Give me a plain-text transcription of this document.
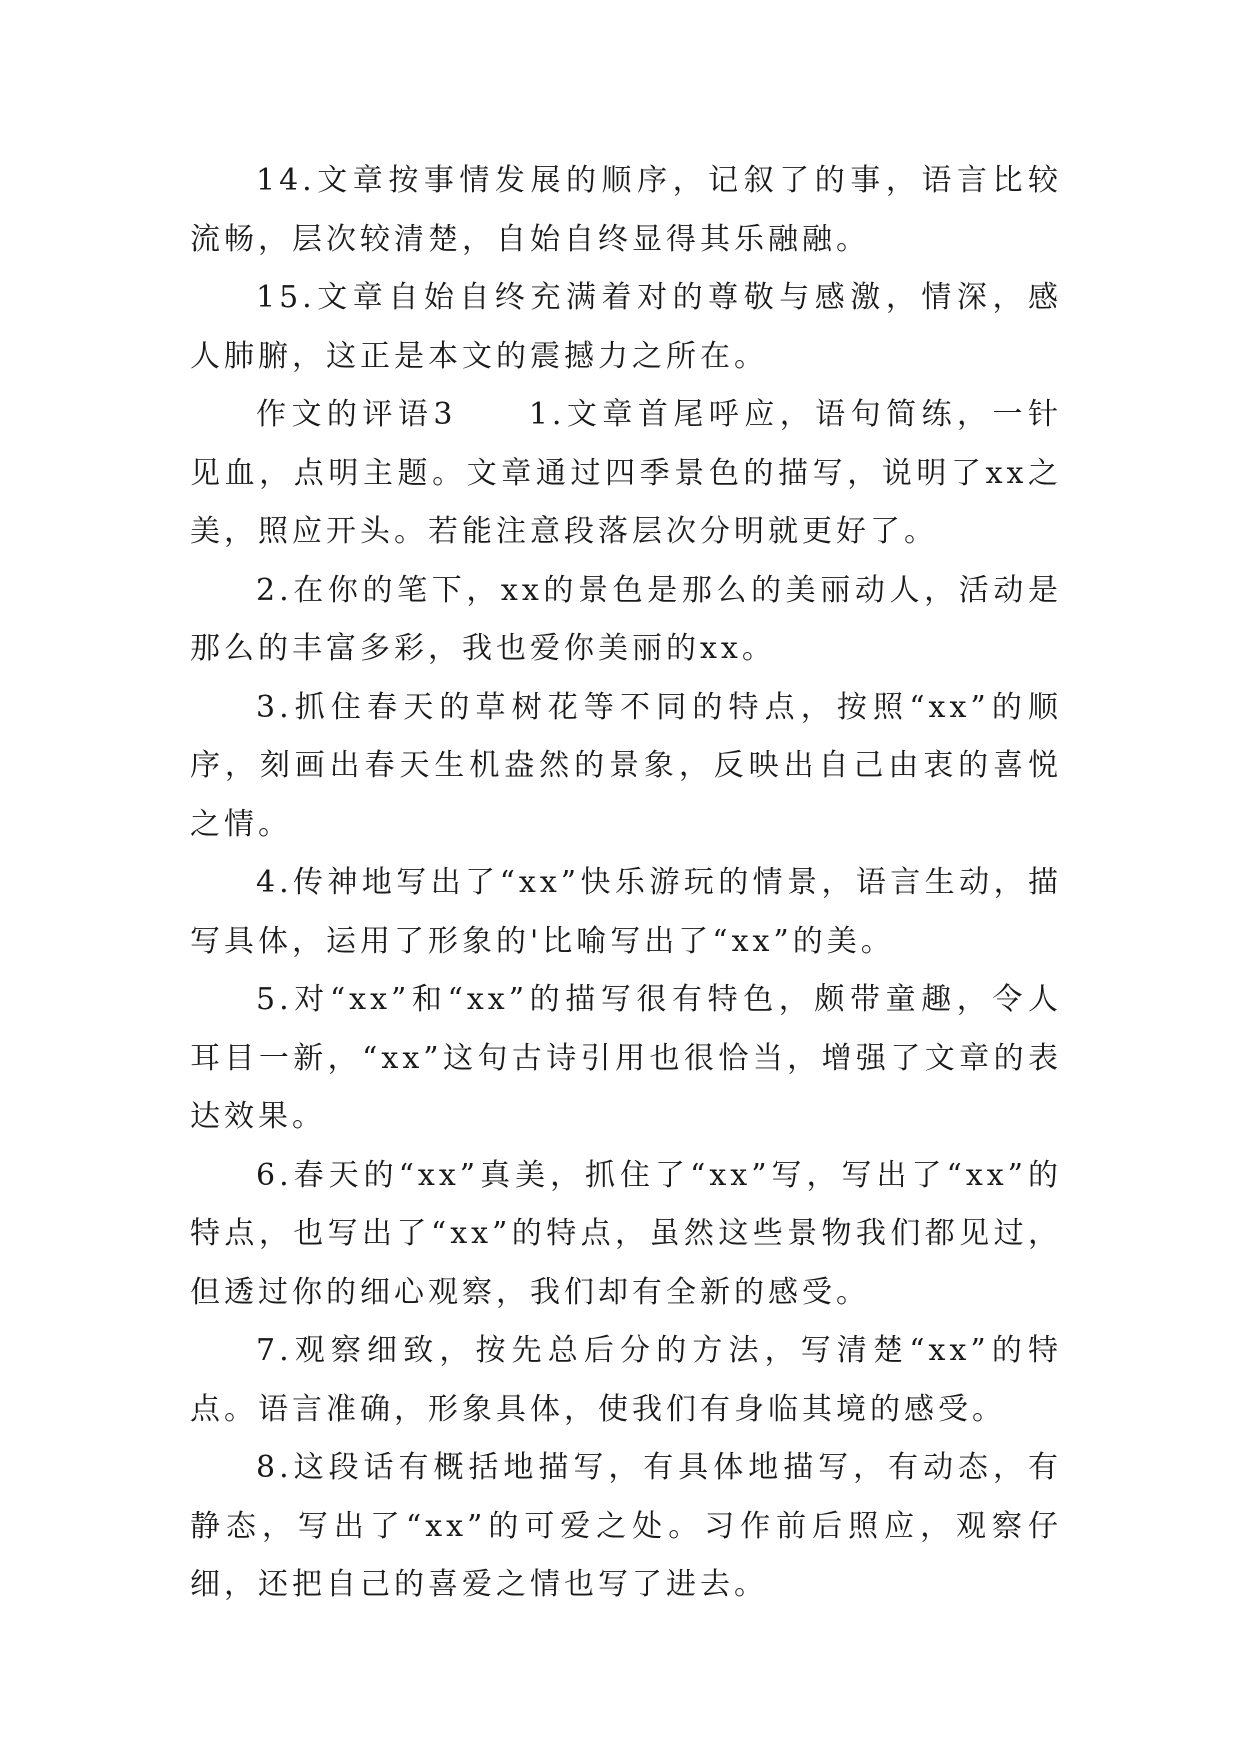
14.文章按事情发展的顺序，记叙了的事，语言比较流畅，层次较清楚，自始自终显得其乐融融。

15.文章自始自终充满着对的尊敬与感激，情深，感人肺腑，这正是本文的震撼力之所在。

作文的评语3　　1.文章首尾呼应，语句简练，一针见血，点明主题。文章通过四季景色的描写，说明了xx之美，照应开头。若能注意段落层次分明就更好了。

2.在你的笔下，xx的景色是那么的美丽动人，活动是那么的丰富多彩，我也爱你美丽的xx。

3.抓住春天的草树花等不同的特点，按照“xx”的顺序，刻画出春天生机盎然的景象，反映出自己由衷的喜悦之情。

4.传神地写出了“xx”快乐游玩的情景，语言生动，描写具体，运用了形象的'比喻写出了“xx”的美。

5.对“xx”和“xx”的描写很有特色，颇带童趣，令人耳目一新，“xx”这句古诗引用也很恰当，增强了文章的表达效果。

6.春天的“xx”真美，抓住了“xx”写，写出了“xx”的特点，也写出了“xx”的特点，虽然这些景物我们都见过，但透过你的细心观察，我们却有全新的感受。

7.观察细致，按先总后分的方法，写清楚“xx”的特点。语言准确，形象具体，使我们有身临其境的感受。

8.这段话有概括地描写，有具体地描写，有动态，有静态，写出了“xx”的可爱之处。习作前后照应，观察仔细，还把自己的喜爱之情也写了进去。
